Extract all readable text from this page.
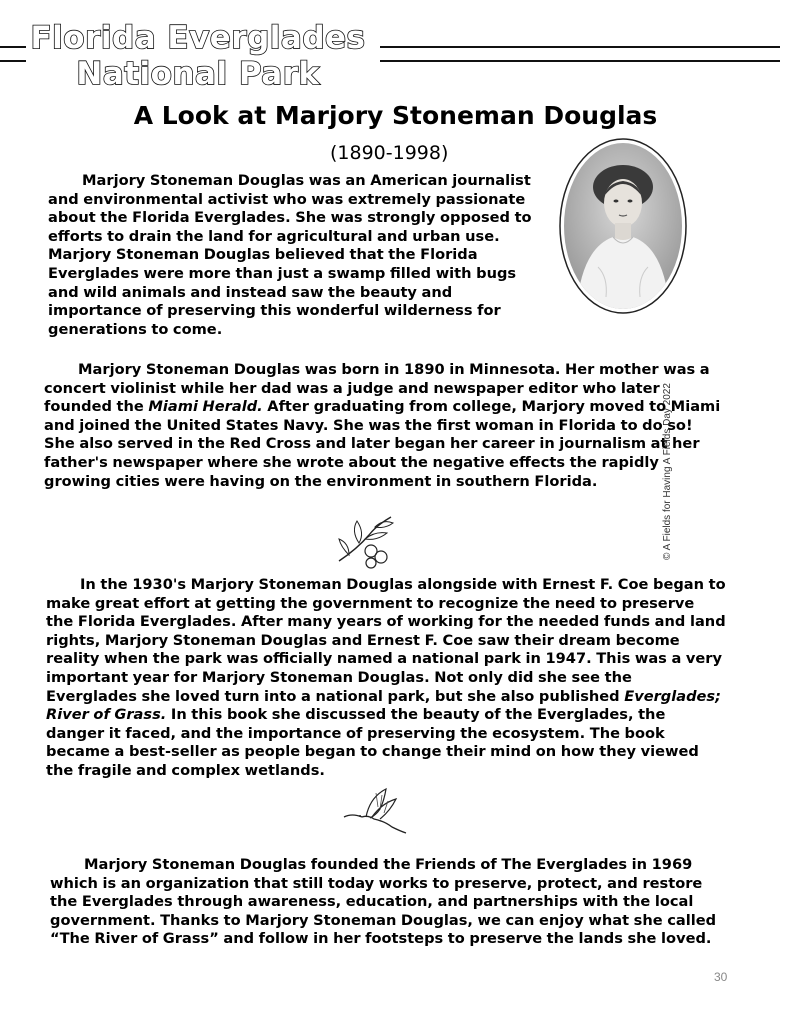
Florida Everglades
National Park
A Look at Marjory Stoneman Douglas

(1890-1998)

Marjory Stoneman Douglas was an American journalist and environmental activist who was extremely passionate about the Florida Everglades. She was strongly opposed to efforts to drain the land for agricultural and urban use. Marjory Stoneman Douglas believed that the Florida Everglades were more than just a swamp filled with bugs and wild animals and instead saw the beauty and importance of preserving this wonderful wilderness for generations to come.

Marjory Stoneman Douglas was born in 1890 in Minnesota. Her mother was a concert violinist while her dad was a judge and newspaper editor who later founded the Miami Herald. After graduating from college, Marjory moved to Miami and joined the United States Navy. She was the first woman in Florida to do so! She also served in the Red Cross and later began her career in journalism at her father's newspaper where she wrote about the negative effects the rapidly growing cities were having on the environment in southern Florida.

In the 1930's Marjory Stoneman Douglas alongside with Ernest F. Coe began to make great effort at getting the government to recognize the need to preserve the Florida Everglades. After many years of working for the needed funds and land rights, Marjory Stoneman Douglas and Ernest F. Coe saw their dream become reality when the park was officially named a national park in 1947. This was a very important year for Marjory Stoneman Douglas. Not only did she see the Everglades she loved turn into a national park, but she also published Everglades; River of Grass. In this book she discussed the beauty of the Everglades, the danger it faced, and the importance of preserving the ecosystem. The book became a best-seller as people began to change their mind on how they viewed the fragile and complex wetlands.

Marjory Stoneman Douglas founded the Friends of The Everglades in 1969 which is an organization that still today works to preserve, protect, and restore the Everglades through awareness, education, and partnerships with the local government. Thanks to Marjory Stoneman Douglas, we can enjoy what she called “The River of Grass” and follow in her footsteps to preserve the lands she loved.

© A Fields for Having A Fields Day 2022

30
